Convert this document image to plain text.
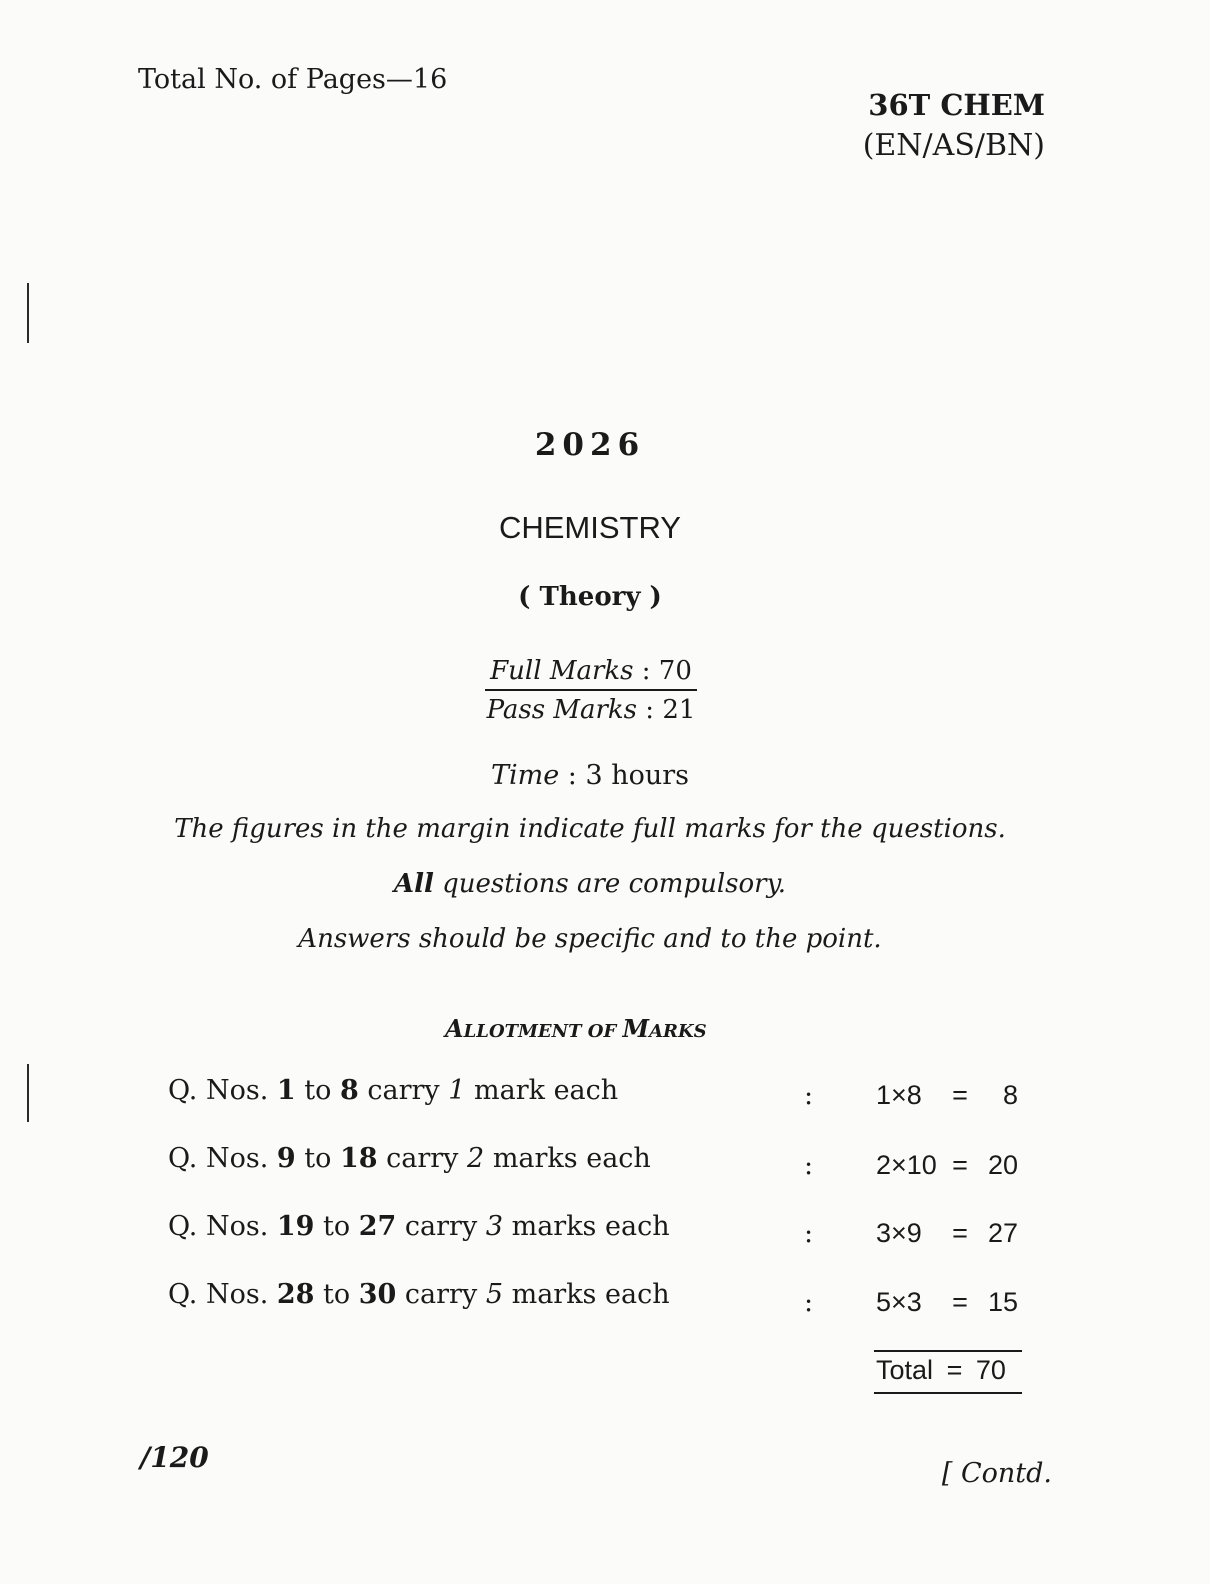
Total No. of Pages—16
36T CHEM
(EN/AS/BN)
2026
CHEMISTRY
( Theory )
Full Marks : 70
Pass Marks : 21
Time : 3 hours
The figures in the margin indicate full marks for the questions.
All questions are compulsory.
Answers should be specific and to the point.
ALLOTMENT OF MARKS
Q. Nos. 1 to 8 carry 1 mark each	: 1×8 = 8
Q. Nos. 9 to 18 carry 2 marks each	: 2×10 = 20
Q. Nos. 19 to 27 carry 3 marks each	: 3×9 = 27
Q. Nos. 28 to 30 carry 5 marks each	: 5×3 = 15
Total = 70
/120	[ Contd.
